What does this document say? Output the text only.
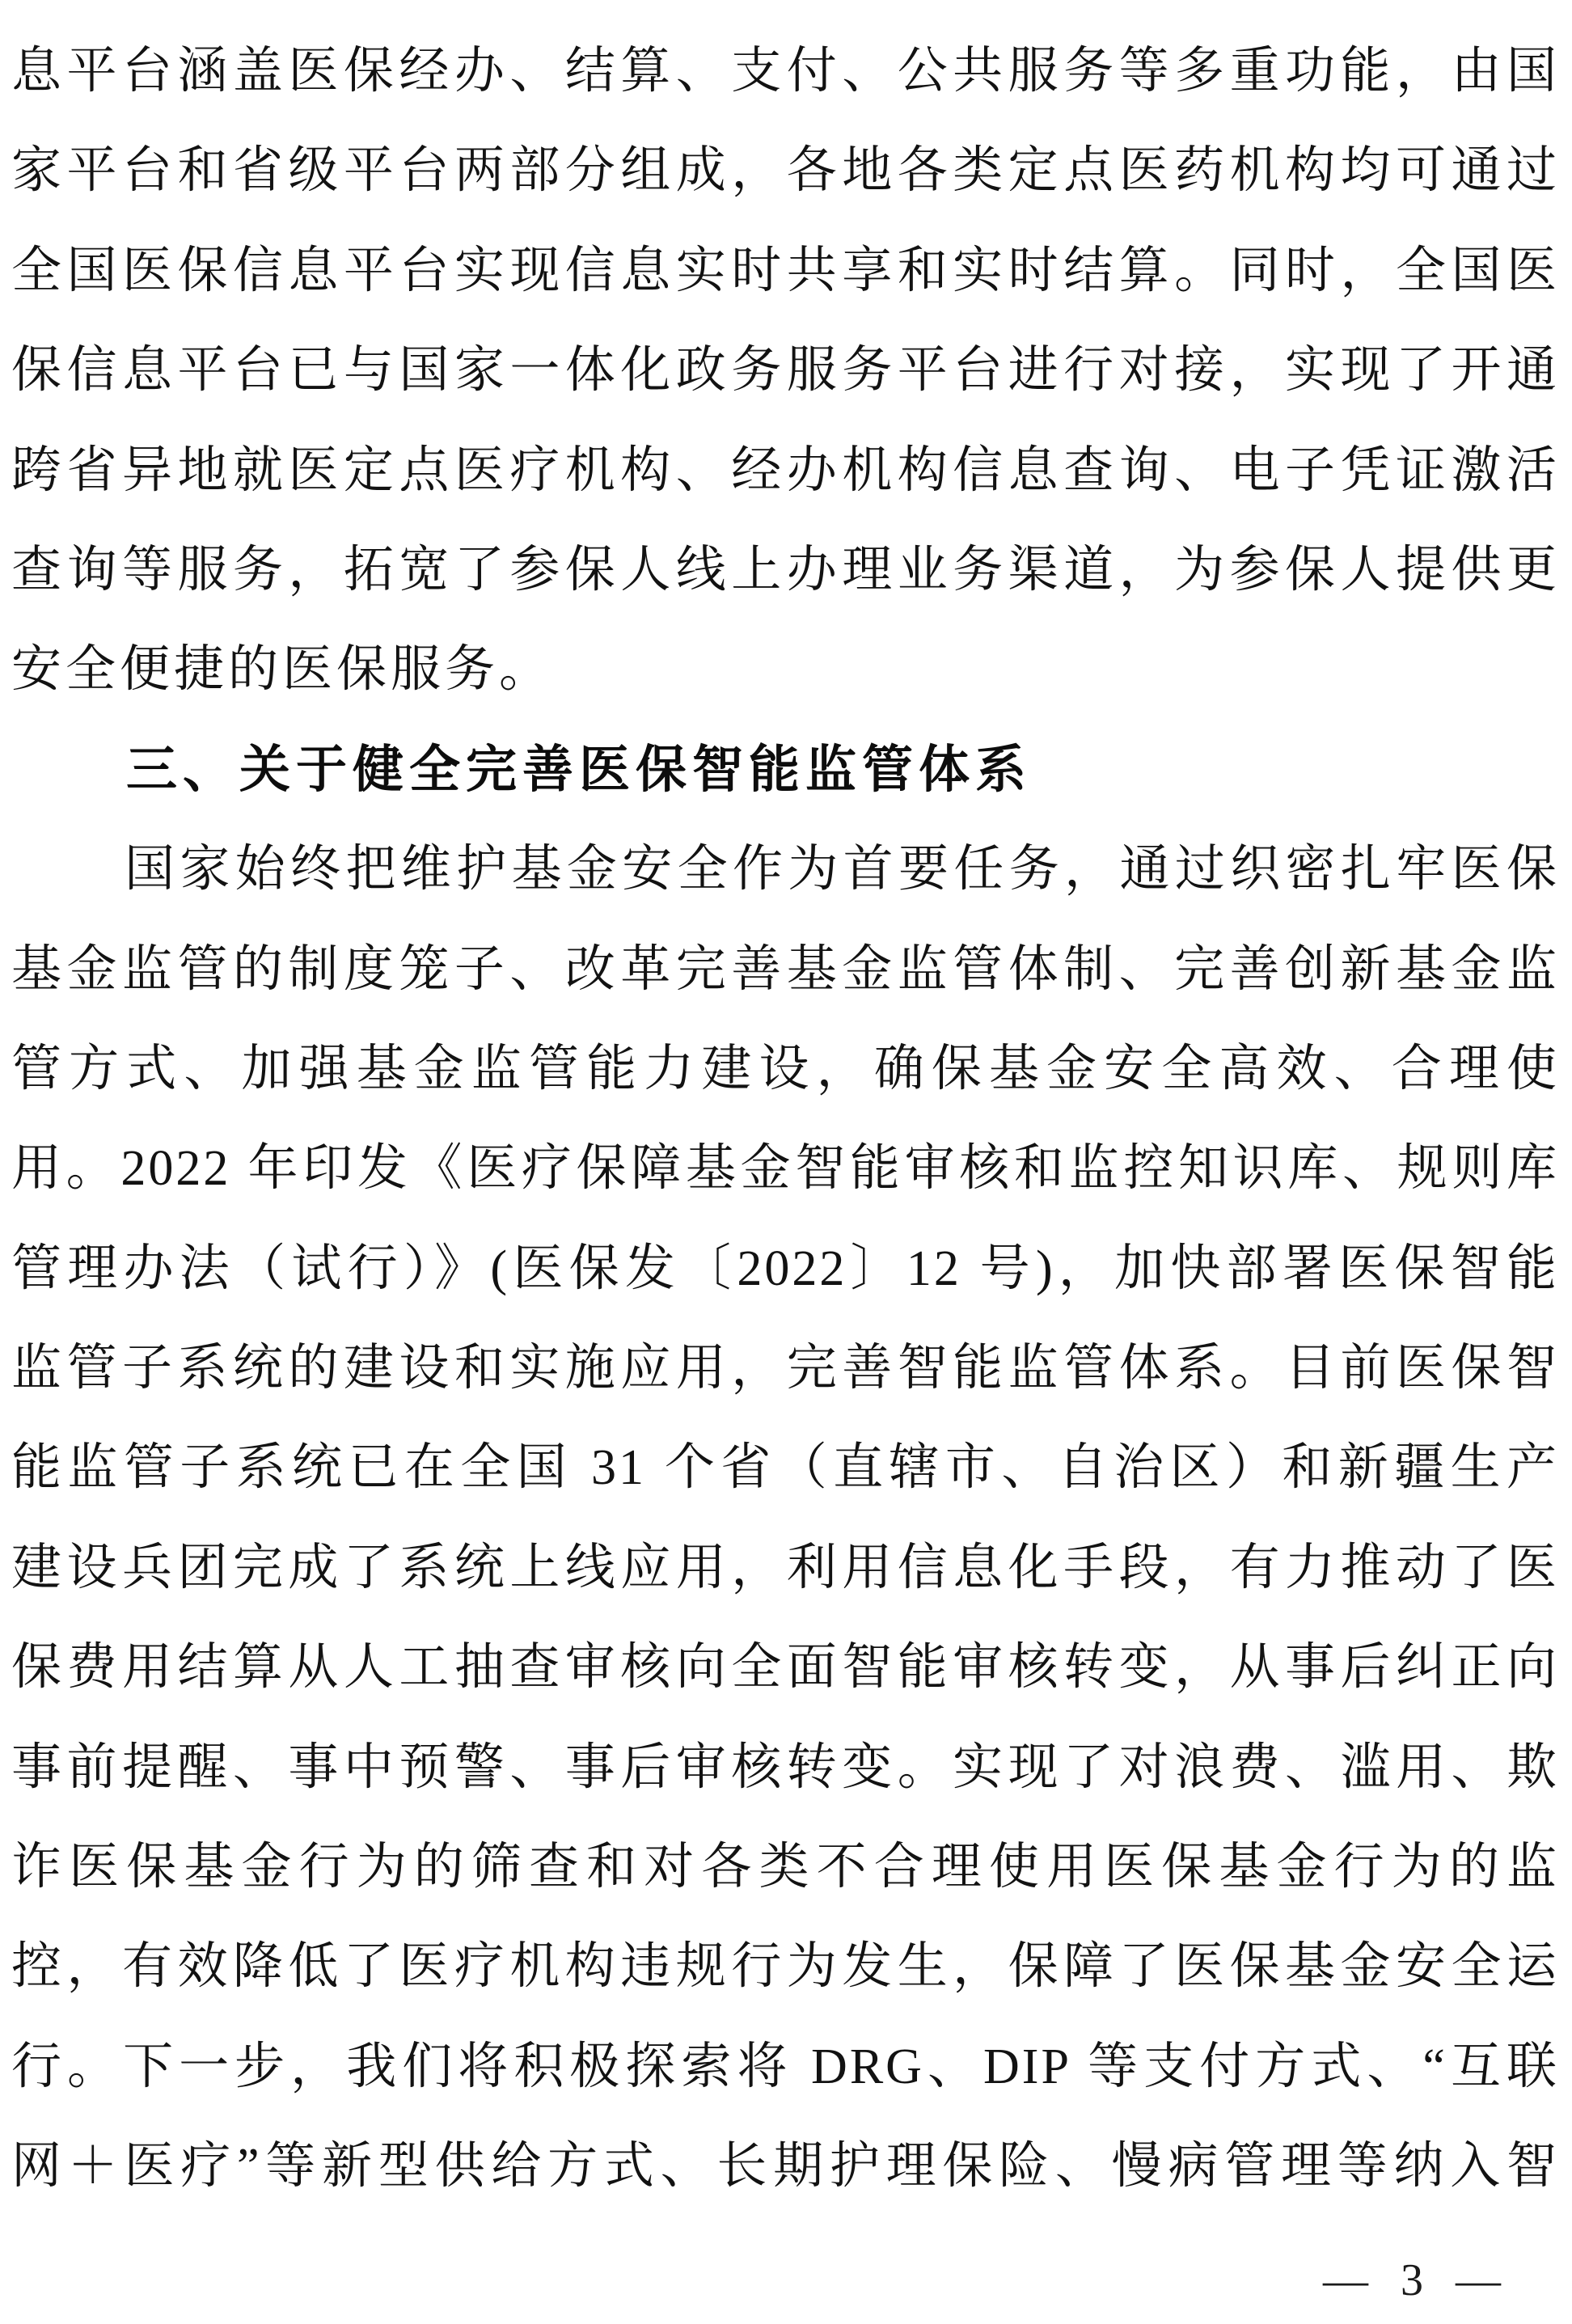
息平台涵盖医保经办、结算、支付、公共服务等多重功能，由国

家平台和省级平台两部分组成，各地各类定点医药机构均可通过

全国医保信息平台实现信息实时共享和实时结算。同时，全国医

保信息平台已与国家一体化政务服务平台进行对接，实现了开通

跨省异地就医定点医疗机构、经办机构信息查询、电子凭证激活

查询等服务，拓宽了参保人线上办理业务渠道，为参保人提供更

安全便捷的医保服务。

三、关于健全完善医保智能监管体系

国家始终把维护基金安全作为首要任务，通过织密扎牢医保

基金监管的制度笼子、改革完善基金监管体制、完善创新基金监

管方式、加强基金监管能力建设，确保基金安全高效、合理使

用。2022 年印发《医疗保障基金智能审核和监控知识库、规则库

管理办法（试行）》(医保发〔2022〕12 号)，加快部署医保智能

监管子系统的建设和实施应用，完善智能监管体系。目前医保智

能监管子系统已在全国 31 个省（直辖市、自治区）和新疆生产

建设兵团完成了系统上线应用，利用信息化手段，有力推动了医

保费用结算从人工抽查审核向全面智能审核转变，从事后纠正向

事前提醒、事中预警、事后审核转变。实现了对浪费、滥用、欺

诈医保基金行为的筛查和对各类不合理使用医保基金行为的监

控，有效降低了医疗机构违规行为发生，保障了医保基金安全运

行。下一步，我们将积极探索将 DRG、DIP 等支付方式、“互联

网＋医疗”等新型供给方式、长期护理保险、慢病管理等纳入智

— 3 —
